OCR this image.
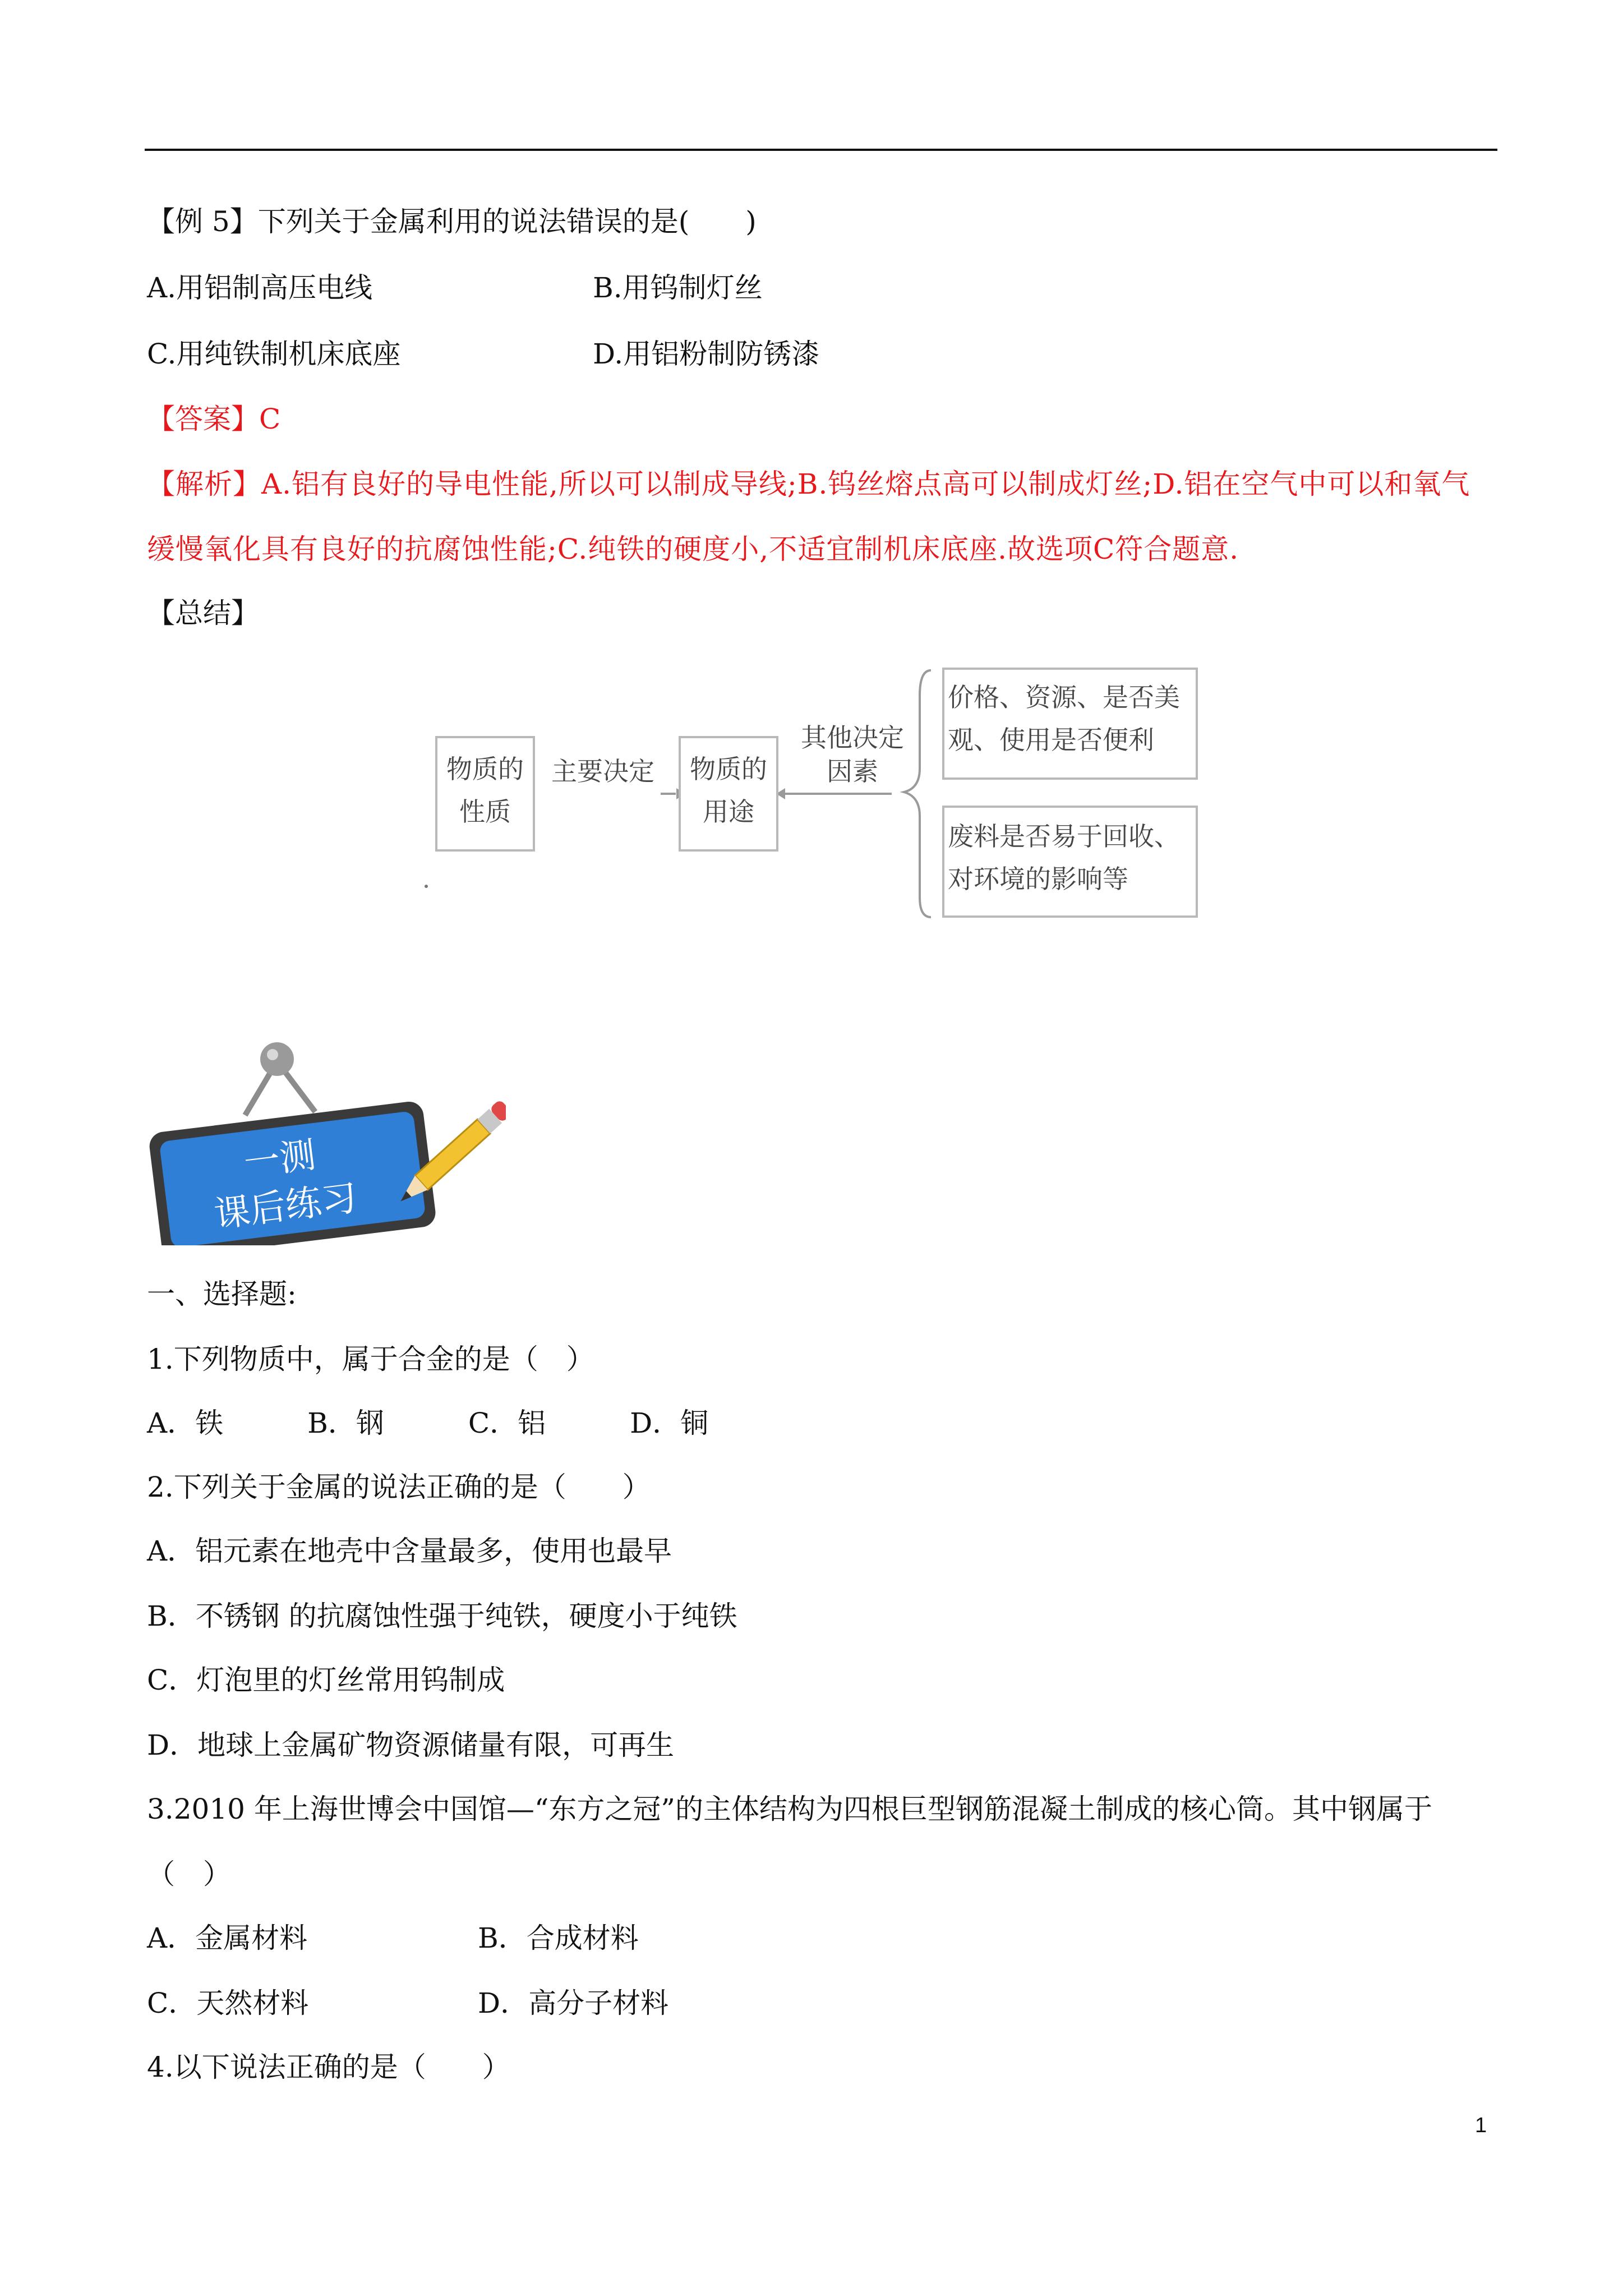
【例 5】下列关于金属利用的说法错误的是(　　)
A.用铝制高压电线	B.用钨制灯丝
C.用纯铁制机床底座	D.用铝粉制防锈漆
【答案】C
【解析】A.铝有良好的导电性能,所以可以制成导线;B.钨丝熔点高可以制成灯丝;D.铝在空气中可以和氧气
缓慢氧化具有良好的抗腐蚀性能;C.纯铁的硬度小,不适宜制机床底座.故选项C符合题意.
【总结】
物质的
性质
主要决定	物质的
用途
其他决定
因素
价格、资源、是否美
观、使用是否便利
废料是否易于回收、
对环境的影响等
一测
课后练习
一、选择题:
1.下列物质中，属于合金的是（　）
A．铁　　　B．钢　　　C．铝　　　D．铜
2.下列关于金属的说法正确的是（　　）
A．铝元素在地壳中含量最多，使用也最早
B．不锈钢 的抗腐蚀性强于纯铁，硬度小于纯铁
C．灯泡里的灯丝常用钨制成
D．地球上金属矿物资源储量有限，可再生
3.2010 年上海世博会中国馆—“东方之冠”的主体结构为四根巨型钢筋混凝土制成的核心筒。其中钢属于
（　）
A．金属材料	B．合成材料
C．天然材料	D．高分子材料
4.以下说法正确的是（　　）
1
